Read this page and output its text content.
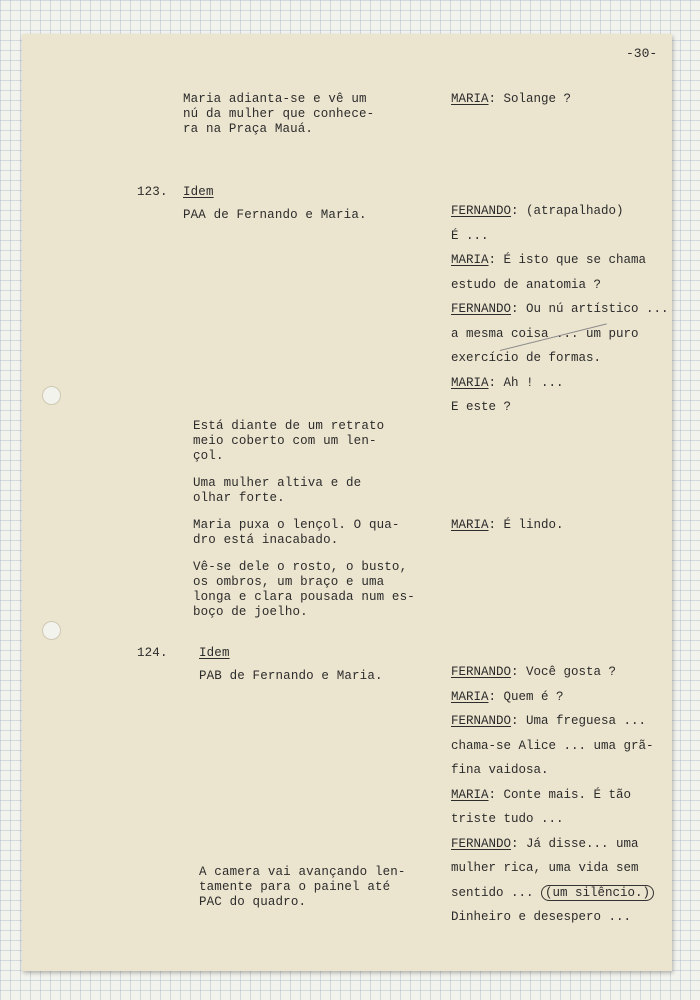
-30-

Maria adianta-se e vê um
nú da mulher que conhece-
ra na Praça Mauá.

MARIA: Solange ?
123. Idem
PAA de Fernando e Maria.	FERNANDO: (atrapalhado)
É ...
MARIA: É isto que se chama
estudo de anatomia ?
FERNANDO: Ou nú artístico ...
a mesma coisa ... um puro
exercício de formas.
MARIA: Ah ! ...
E este ?

Está diante de um retrato
meio coberto com um len-
çol.

Uma mulher altiva e de
olhar forte.

Maria puxa o lençol. O qua-
dro está inacabado.

Vê-se dele o rosto, o busto,
os ombros, um braço e uma
longa e clara pousada num es-
boço de joelho.

MARIA: É lindo.
124.	Idem
PAB de Fernando e Maria.	FERNANDO: Você gosta ?
MARIA: Quem é ?
FERNANDO: Uma freguesa ...
chama-se Alice ... uma grã-
fina vaidosa.
MARIA: Conte mais. É tão
triste tudo ...
FERNANDO: Já disse... uma
mulher rica, uma vida sem
sentido ... (um silêncio.)
Dinheiro e desespero ...

A camera vai avançando len-
tamente para o painel até
PAC do quadro.
